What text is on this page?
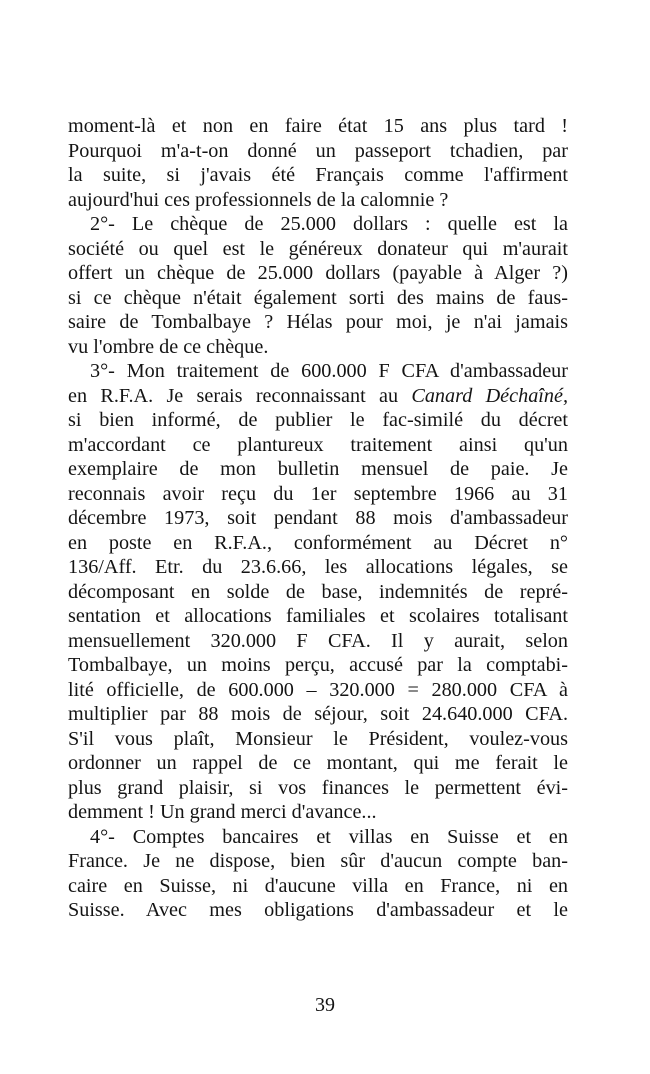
moment-là et non en faire état 15 ans plus tard !
Pourquoi m'a-t-on donné un passeport tchadien, par
la suite, si j'avais été Français comme l'affirment
aujourd'hui ces professionnels de la calomnie ?
2°- Le chèque de 25.000 dollars : quelle est la
société ou quel est le généreux donateur qui m'aurait
offert un chèque de 25.000 dollars (payable à Alger ?)
si ce chèque n'était également sorti des mains de faus-
saire de Tombalbaye ? Hélas pour moi, je n'ai jamais
vu l'ombre de ce chèque.
3°- Mon traitement de 600.000 F CFA d'ambassadeur
en R.F.A. Je serais reconnaissant au Canard Déchaîné,
si bien informé, de publier le fac-similé du décret
m'accordant ce plantureux traitement ainsi qu'un
exemplaire de mon bulletin mensuel de paie. Je
reconnais avoir reçu du 1er septembre 1966 au 31
décembre 1973, soit pendant 88 mois d'ambassadeur
en poste en R.F.A., conformément au Décret n°
136/Aff. Etr. du 23.6.66, les allocations légales, se
décomposant en solde de base, indemnités de repré-
sentation et allocations familiales et scolaires totalisant
mensuellement 320.000 F CFA. Il y aurait, selon
Tombalbaye, un moins perçu, accusé par la comptabi-
lité officielle, de 600.000 – 320.000 = 280.000 CFA à
multiplier par 88 mois de séjour, soit 24.640.000 CFA.
S'il vous plaît, Monsieur le Président, voulez-vous
ordonner un rappel de ce montant, qui me ferait le
plus grand plaisir, si vos finances le permettent évi-
demment ! Un grand merci d'avance...
4°- Comptes bancaires et villas en Suisse et en
France. Je ne dispose, bien sûr d'aucun compte ban-
caire en Suisse, ni d'aucune villa en France, ni en
Suisse. Avec mes obligations d'ambassadeur et le
39
